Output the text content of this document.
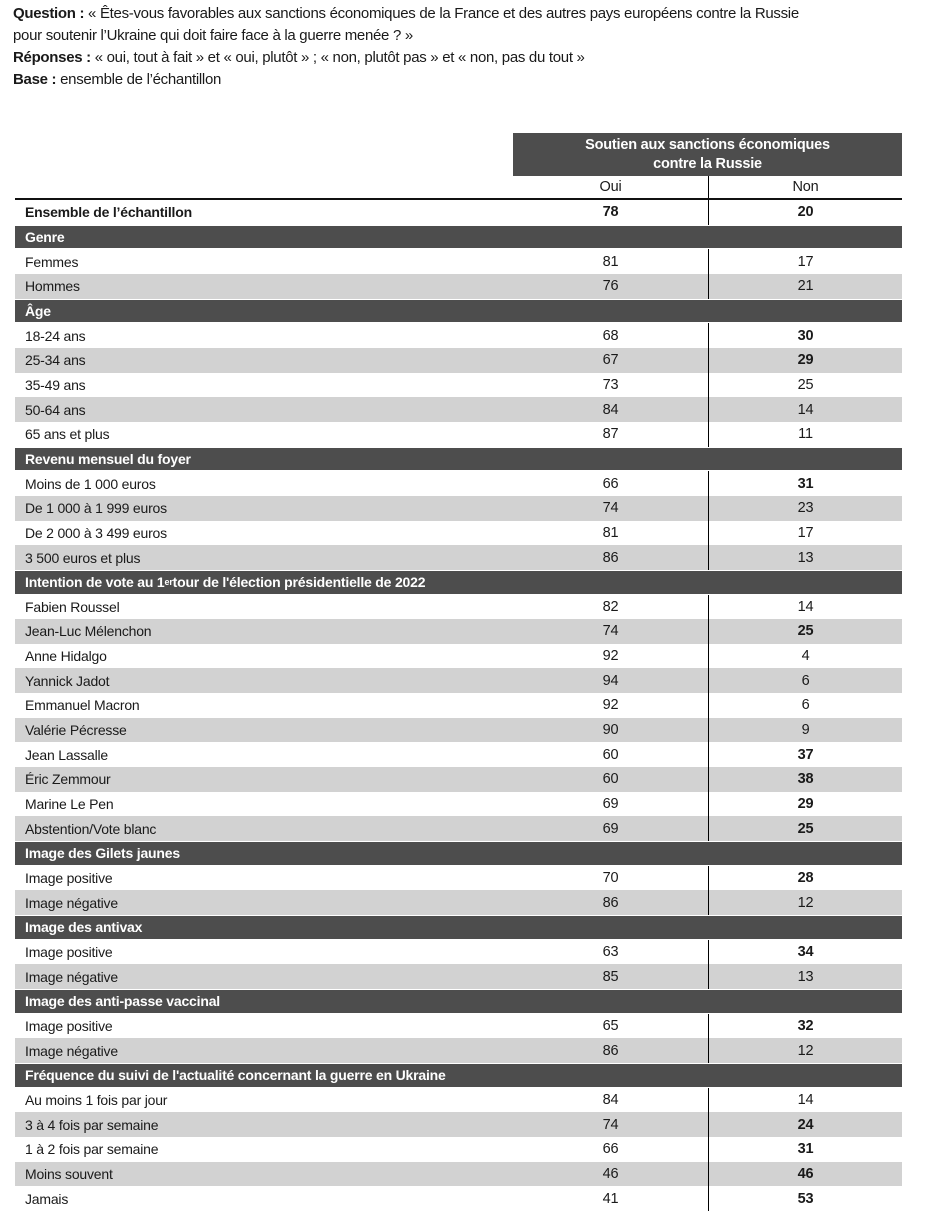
Question : « Êtes-vous favorables aux sanctions économiques de la France et des autres pays européens contre la Russie
pour soutenir l’Ukraine qui doit faire face à la guerre menée ? »
Réponses : « oui, tout à fait » et « oui, plutôt » ; « non, plutôt pas » et « non, pas du tout »
Base : ensemble de l’échantillon
Soutien aux sanctions économiques
contre la Russie
Oui	Non
Ensemble de l’échantillon	78	20
Genre
Femmes	81	17
Hommes	76	21
Âge
18-24 ans	68	30
25-34 ans	67	29
35-49 ans	73	25
50-64 ans	84	14
65 ans et plus	87	11
Revenu mensuel du foyer
Moins de 1 000 euros	66	31
De 1 000 à 1 999 euros	74	23
De 2 000 à 3 499 euros	81	17
3 500 euros et plus	86	13
Intention de vote au 1 er tour de l'élection présidentielle de 2022
Fabien Roussel	82	14
Jean-Luc Mélenchon	74	25
Anne Hidalgo	92	4
Yannick Jadot	94	6
Emmanuel Macron	92	6
Valérie Pécresse	90	9
Jean Lassalle	60	37
Éric Zemmour	60	38
Marine Le Pen	69	29
Abstention/Vote blanc	69	25
Image des Gilets jaunes
Image positive	70	28
Image négative	86	12
Image des antivax
Image positive	63	34
Image négative	85	13
Image des anti-passe vaccinal
Image positive	65	32
Image négative	86	12
Fréquence du suivi de l'actualité concernant la guerre en Ukraine
Au moins 1 fois par jour	84	14
3 à 4 fois par semaine	74	24
1 à 2 fois par semaine	66	31
Moins souvent	46	46
Jamais	41	53
